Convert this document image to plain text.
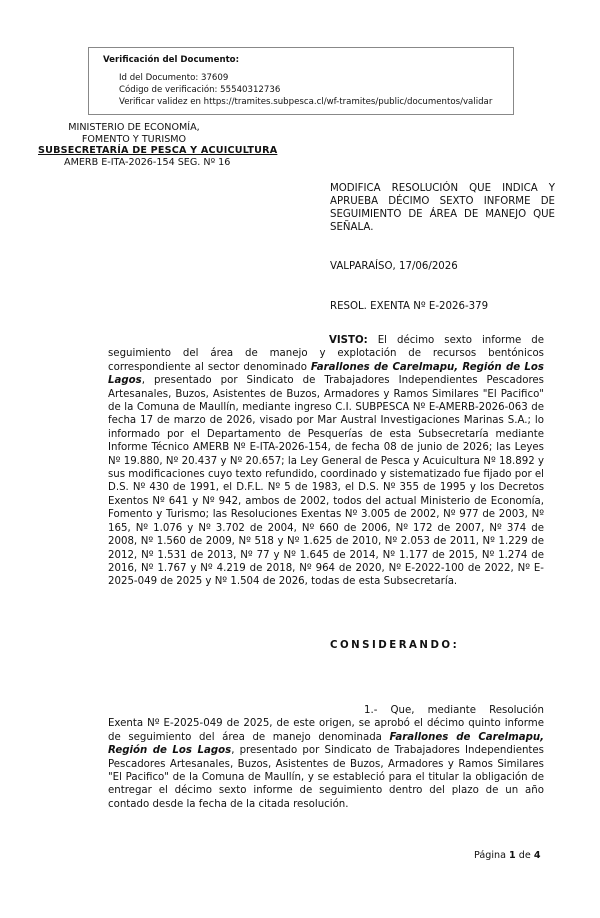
Verificación del Documento:
• Id del Documento: 37609
• Código de verificación: 55540312736
• Verificar validez en https://tramites.subpesca.cl/wf-tramites/public/documentos/validar
MINISTERIO DE ECONOMÍA,
FOMENTO Y TURISMO
SUBSECRETARÍA DE PESCA Y ACUICULTURA
AMERB E-ITA-2026-154 SEG. Nº 16
MODIFICA RESOLUCIÓN QUE INDICA Y APRUEBA DÉCIMO SEXTO INFORME DE SEGUIMIENTO DE ÁREA DE MANEJO QUE SEÑALA.
VALPARAÍSO, 17/06/2026
RESOL. EXENTA Nº E-2026-379
VISTO: El décimo sexto informe de seguimiento del área de manejo y explotación de recursos bentónicos correspondiente al sector denominado Farallones de Carelmapu, Región de Los Lagos, presentado por Sindicato de Trabajadores Independientes Pescadores Artesanales, Buzos, Asistentes de Buzos, Armadores y Ramos Similares "El Pacifico" de la Comuna de Maullín, mediante ingreso C.I. SUBPESCA Nº E-AMERB-2026-063 de fecha 17 de marzo de 2026, visado por Mar Austral Investigaciones Marinas S.A.; lo informado por el Departamento de Pesquerías de esta Subsecretaría mediante Informe Técnico AMERB Nº E-ITA-2026-154, de fecha 08 de junio de 2026; las Leyes Nº 19.880, Nº 20.437 y Nº 20.657; la Ley General de Pesca y Acuicultura Nº 18.892 y sus modificaciones cuyo texto refundido, coordinado y sistematizado fue fijado por el D.S. Nº 430 de 1991, el D.F.L. Nº 5 de 1983, el D.S. Nº 355 de 1995 y los Decretos Exentos Nº 641 y Nº 942, ambos de 2002, todos del actual Ministerio de Economía, Fomento y Turismo; las Resoluciones Exentas Nº 3.005 de 2002, Nº 977 de 2003, Nº 165, Nº 1.076 y Nº 3.702 de 2004, Nº 660 de 2006, Nº 172 de 2007, Nº 374 de 2008, Nº 1.560 de 2009, Nº 518 y Nº 1.625 de 2010, Nº 2.053 de 2011, Nº 1.229 de 2012, Nº 1.531 de 2013, Nº 77 y Nº 1.645 de 2014, Nº 1.177 de 2015, Nº 1.274 de 2016, Nº 1.767 y Nº 4.219 de 2018, Nº 964 de 2020, Nº E-2022-100 de 2022, Nº E-2025-049 de 2025 y Nº 1.504 de 2026, todas de esta Subsecretaría.
CONSIDERANDO:
1.- Que, mediante Resolución Exenta Nº E-2025-049 de 2025, de este origen, se aprobó el décimo quinto informe de seguimiento del área de manejo denominada Farallones de Carelmapu, Región de Los Lagos, presentado por Sindicato de Trabajadores Independientes Pescadores Artesanales, Buzos, Asistentes de Buzos, Armadores y Ramos Similares "El Pacifico" de la Comuna de Maullín, y se estableció para el titular la obligación de entregar el décimo sexto informe de seguimiento dentro del plazo de un año contado desde la fecha de la citada resolución.
Página 1 de 4
